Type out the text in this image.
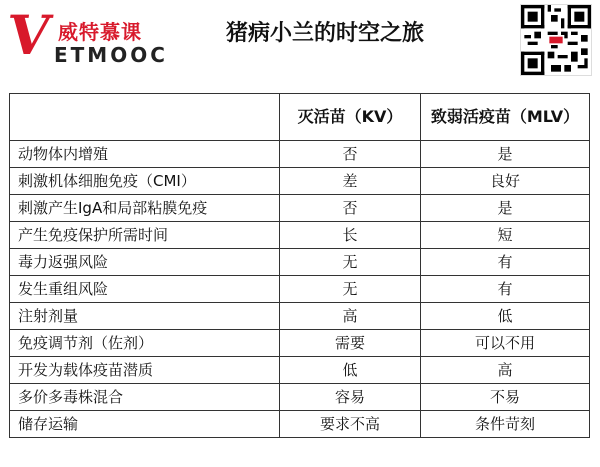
V 威特慕课
ETMOOC
猪病小兰的时空之旅
	灭活苗（KV）	致弱活疫苗（MLV）
动物体内增殖	否	是
刺激机体细胞免疫（CMI）	差	良好
刺激产生IgA和局部粘膜免疫	否	是
产生免疫保护所需时间	长	短
毒力返强风险	无	有
发生重组风险	无	有
注射剂量	高	低
免疫调节剂（佐剂）	需要	可以不用
开发为载体疫苗潜质	低	高
多价多毒株混合	容易	不易
储存运输	要求不高	条件苛刻
